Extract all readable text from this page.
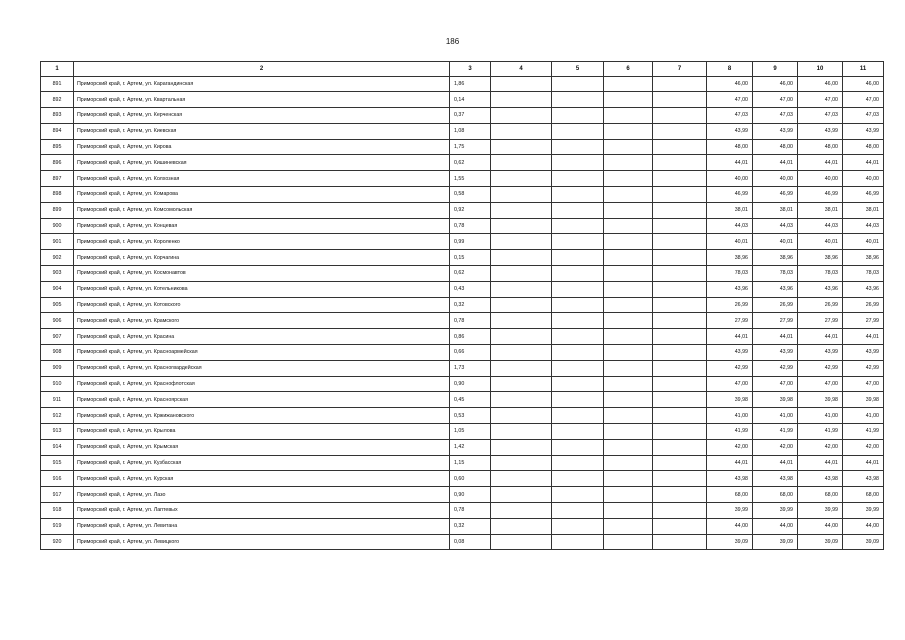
186
1	2	3	4	5	6	7	8	9	10	11
891	Приморский край, г. Артем, ул. Карагандинская	1,86					46,00	46,00	46,00	46,00
892	Приморский край, г. Артем, ул. Квартальная	0,14					47,00	47,00	47,00	47,00
893	Приморский край, г. Артем, ул. Керченская	0,37					47,03	47,03	47,03	47,03
894	Приморский край, г. Артем, ул. Киевская	1,08					43,99	43,99	43,99	43,99
895	Приморский край, г. Артем, ул. Кирова	1,75					48,00	48,00	48,00	48,00
896	Приморский край, г. Артем, ул. Кишиневская	0,62					44,01	44,01	44,01	44,01
897	Приморский край, г. Артем, ул. Колхозная	1,55					40,00	40,00	40,00	40,00
898	Приморский край, г. Артем, ул. Комарова	0,58					46,99	46,99	46,99	46,99
899	Приморский край, г. Артем, ул. Комсомольская	0,92					38,01	38,01	38,01	38,01
900	Приморский край, г. Артем, ул. Концевая	0,78					44,03	44,03	44,03	44,03
901	Приморский край, г. Артем, ул. Короленко	0,99					40,01	40,01	40,01	40,01
902	Приморский край, г. Артем, ул. Корчагина	0,15					38,96	38,96	38,96	38,96
903	Приморский край, г. Артем, ул. Космонавтов	0,62					78,03	78,03	78,03	78,03
904	Приморский край, г. Артем, ул. Котельникова	0,43					43,96	43,96	43,96	43,96
905	Приморский край, г. Артем, ул. Котовского	0,32					26,99	26,99	26,99	26,99
906	Приморский край, г. Артем, ул. Крамского	0,78					27,99	27,99	27,99	27,99
907	Приморский край, г. Артем, ул. Красина	0,86					44,01	44,01	44,01	44,01
908	Приморский край, г. Артем, ул. Красноармейская	0,66					43,99	43,99	43,99	43,99
909	Приморский край, г. Артем, ул. Красногвардейская	1,73					42,99	42,99	42,99	42,99
910	Приморский край, г. Артем, ул. Краснофлотская	0,90					47,00	47,00	47,00	47,00
911	Приморский край, г. Артем, ул. Красноярская	0,45					39,98	39,98	39,98	39,98
912	Приморский край, г. Артем, ул. Кржижановского	0,53					41,00	41,00	41,00	41,00
913	Приморский край, г. Артем, ул. Крылова	1,05					41,99	41,99	41,99	41,99
914	Приморский край, г. Артем, ул. Крымская	1,42					42,00	42,00	42,00	42,00
915	Приморский край, г. Артем, ул. Кузбасская	1,15					44,01	44,01	44,01	44,01
916	Приморский край, г. Артем, ул. Курская	0,60					43,98	43,98	43,98	43,98
917	Приморский край, г. Артем, ул. Лазо	0,90					68,00	68,00	68,00	68,00
918	Приморский край, г. Артем, ул. Лаптевых	0,78					39,99	39,99	39,99	39,99
919	Приморский край, г. Артем, ул. Левитана	0,32					44,00	44,00	44,00	44,00
920	Приморский край, г. Артем, ул. Левицкого	0,08					39,09	39,09	39,09	39,09
